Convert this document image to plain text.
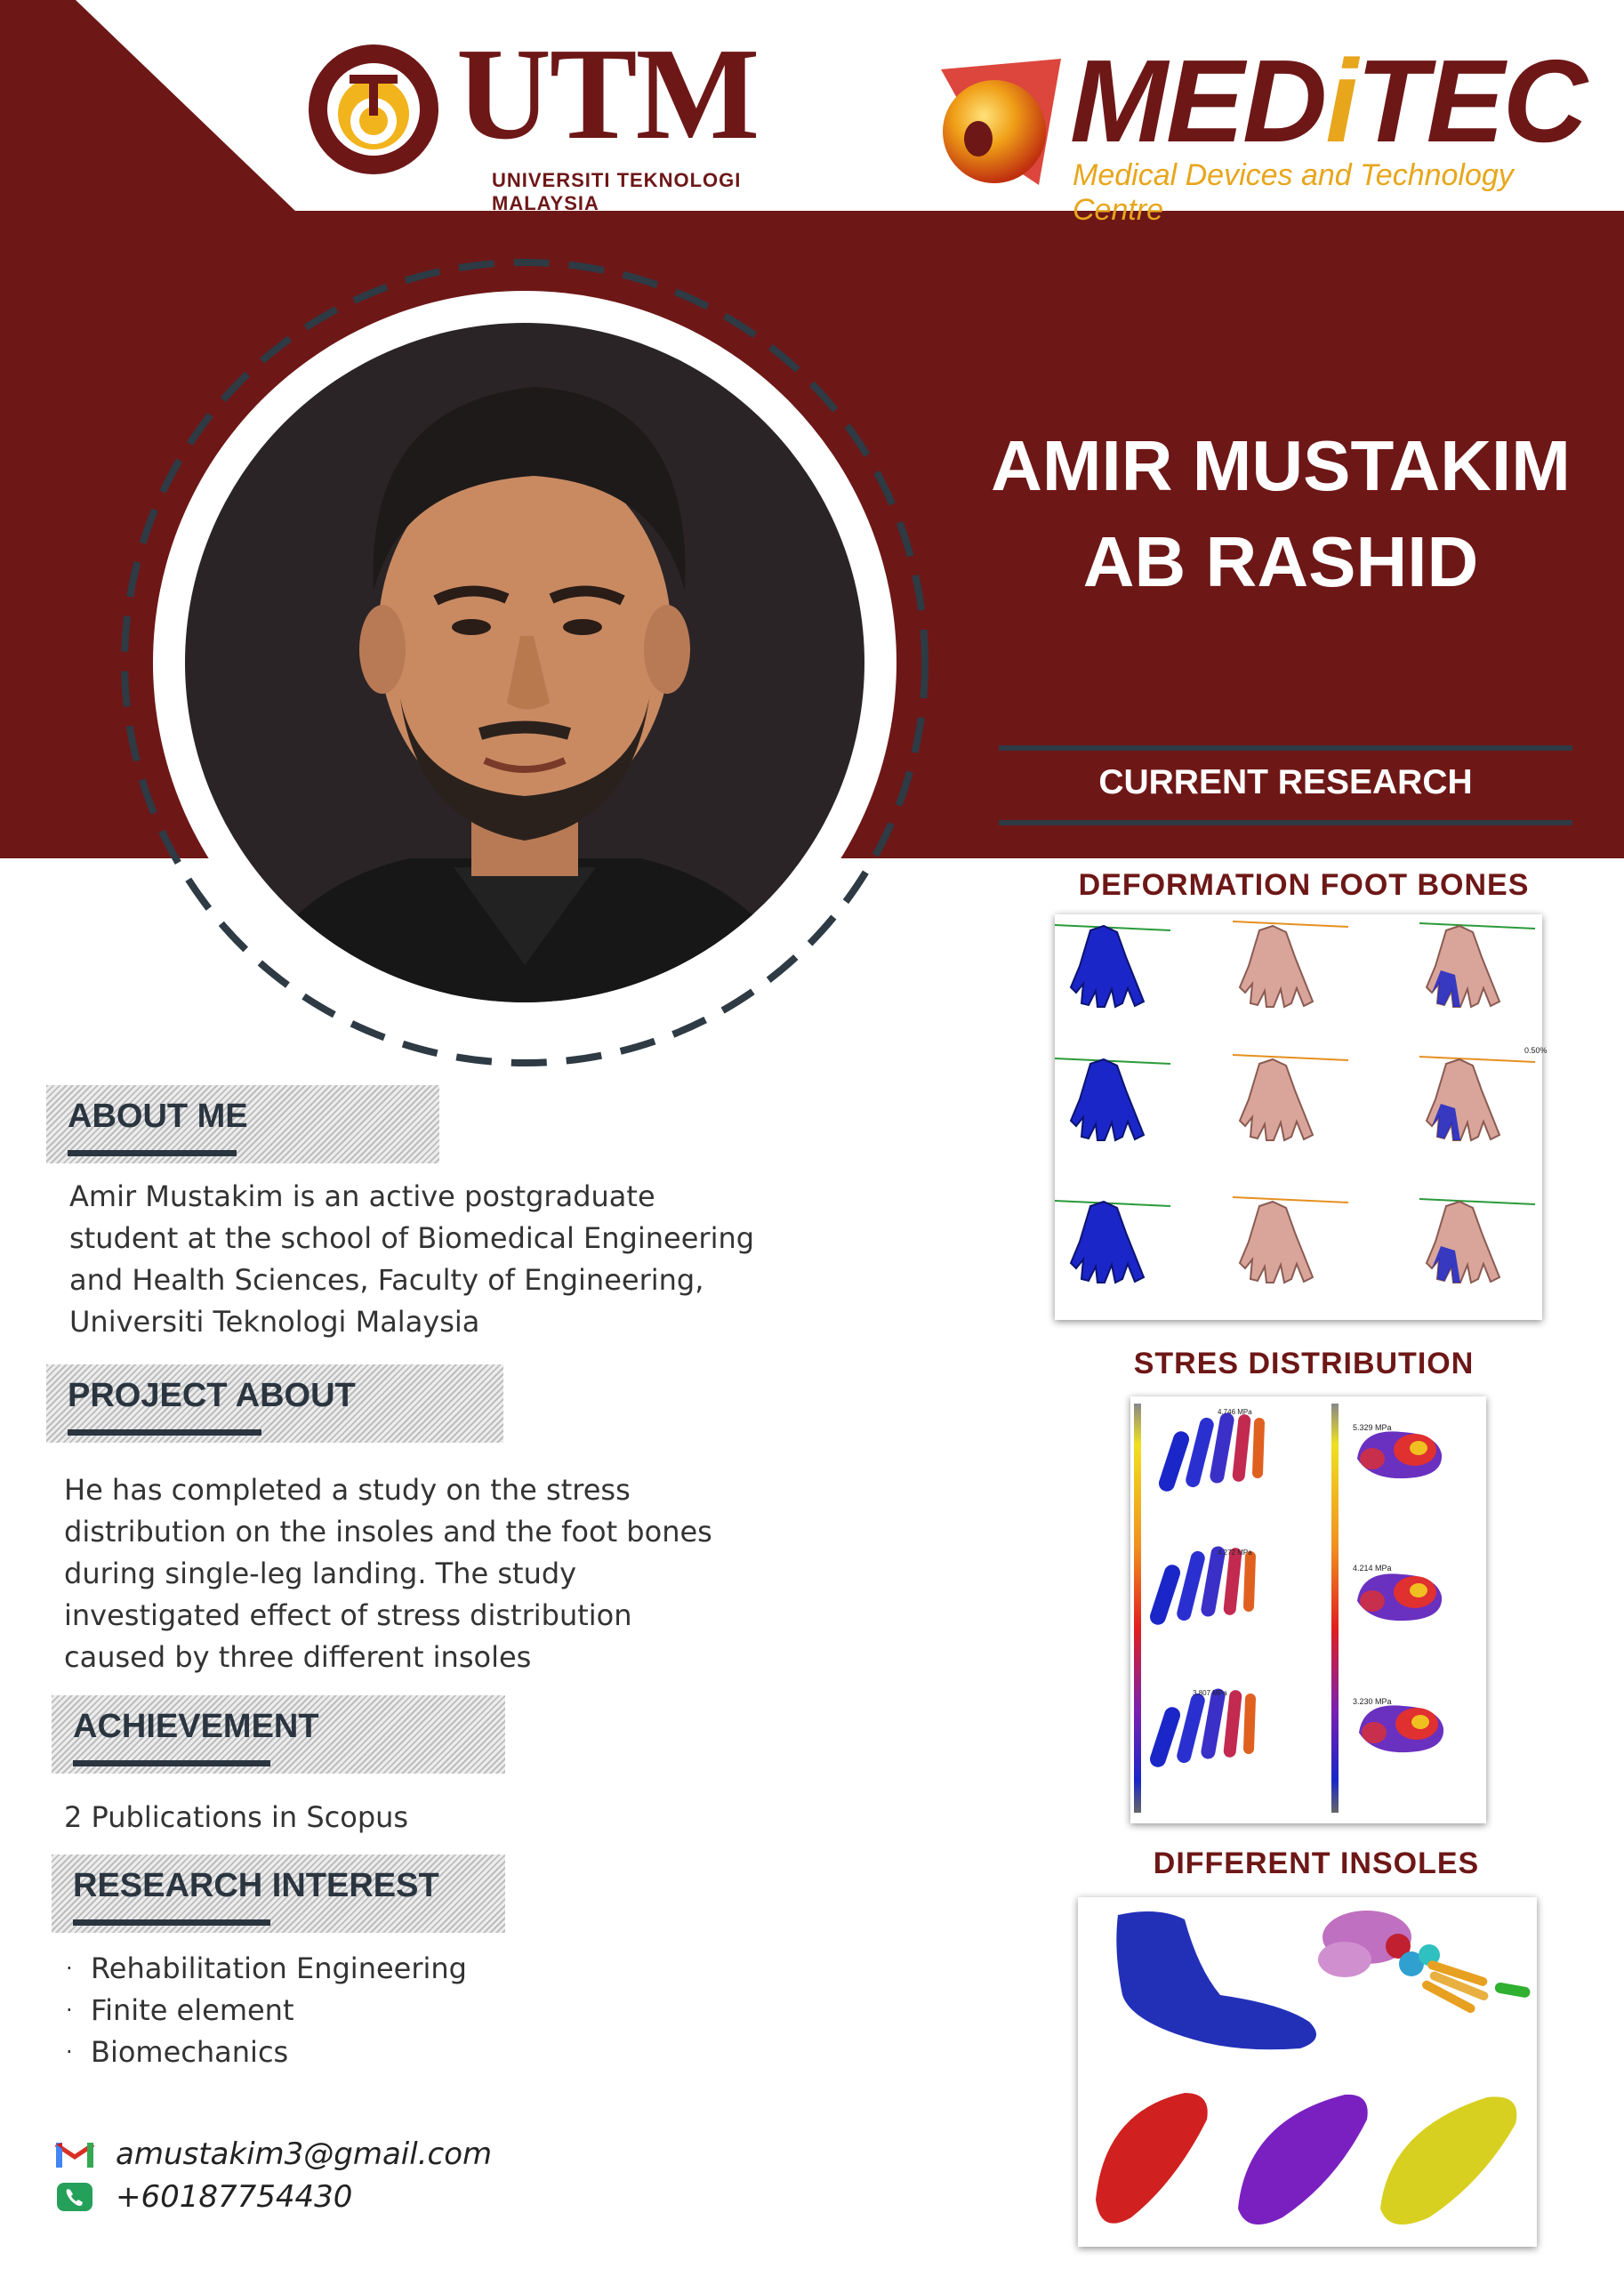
UTM
UNIVERSITI TEKNOLOGI MALAYSIA
MEDiTEC
Medical Devices and Technology Centre
AMIR MUSTAKIM
AB RASHID
CURRENT RESEARCH
DEFORMATION FOOT BONES
0.50%
STRES DISTRIBUTION
4.746 MPa
4.272 MPa
3.807 MPa
5.329 MPa
4.214 MPa
3.230 MPa
DIFFERENT INSOLES
ABOUT ME
Amir Mustakim is an active postgraduate student at the school of Biomedical Engineering and Health Sciences, Faculty of Engineering, Universiti Teknologi Malaysia
PROJECT ABOUT
He has completed a study on the stress distribution on the insoles and the foot bones during single-leg landing. The study investigated effect of stress distribution caused by three different insoles
ACHIEVEMENT
2 Publications in Scopus
RESEARCH INTEREST
· Rehabilitation Engineering
· Finite element
· Biomechanics
amustakim3@gmail.com
+60187754430
